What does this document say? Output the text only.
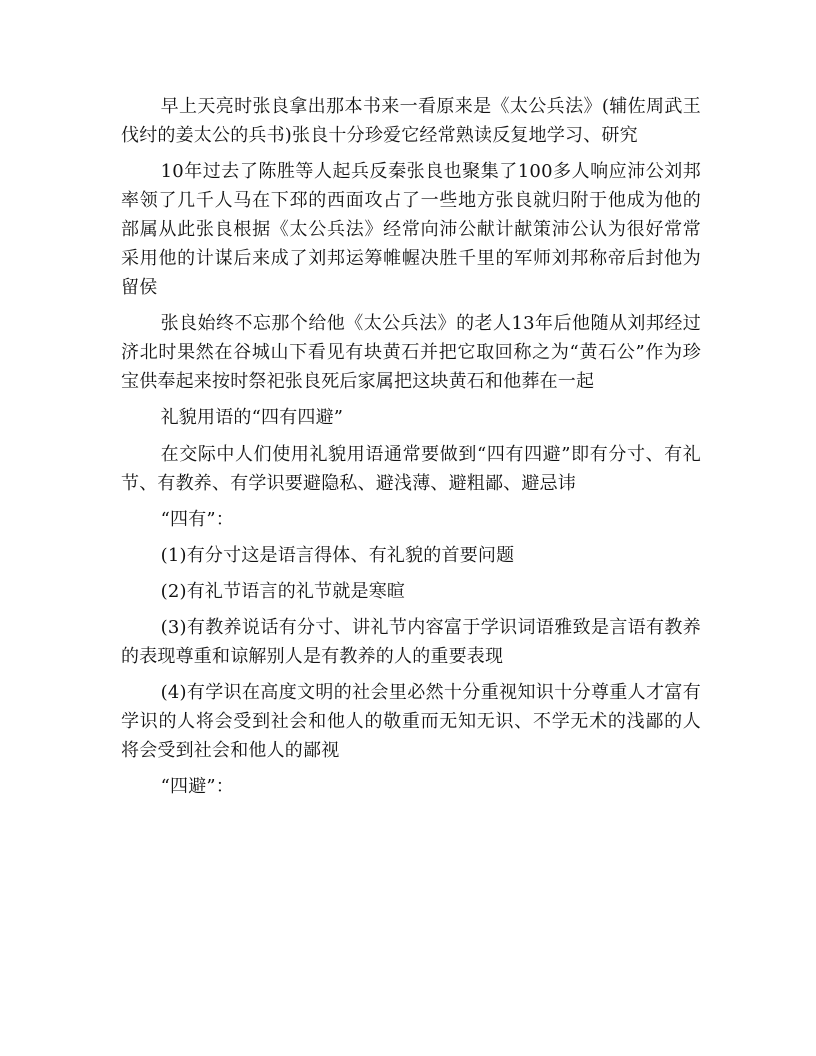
早上天亮时张良拿出那本书来一看原来是《太公兵法》(辅佐周武王伐纣的姜太公的兵书)张良十分珍爱它经常熟读反复地学习、研究

10年过去了陈胜等人起兵反秦张良也聚集了100多人响应沛公刘邦率领了几千人马在下邳的西面攻占了一些地方张良就归附于他成为他的部属从此张良根据《太公兵法》经常向沛公献计献策沛公认为很好常常采用他的计谋后来成了刘邦运筹帷幄决胜千里的军师刘邦称帝后封他为留侯

张良始终不忘那个给他《太公兵法》的老人13年后他随从刘邦经过济北时果然在谷城山下看见有块黄石并把它取回称之为“黄石公”作为珍宝供奉起来按时祭祀张良死后家属把这块黄石和他葬在一起

礼貌用语的“四有四避”

在交际中人们使用礼貌用语通常要做到“四有四避”即有分寸、有礼节、有教养、有学识要避隐私、避浅薄、避粗鄙、避忌讳

“四有”：

(1)有分寸这是语言得体、有礼貌的首要问题

(2)有礼节语言的礼节就是寒暄

(3)有教养说话有分寸、讲礼节内容富于学识词语雅致是言语有教养的表现尊重和谅解别人是有教养的人的重要表现

(4)有学识在高度文明的社会里必然十分重视知识十分尊重人才富有学识的人将会受到社会和他人的敬重而无知无识、不学无术的浅鄙的人将会受到社会和他人的鄙视

“四避”：
